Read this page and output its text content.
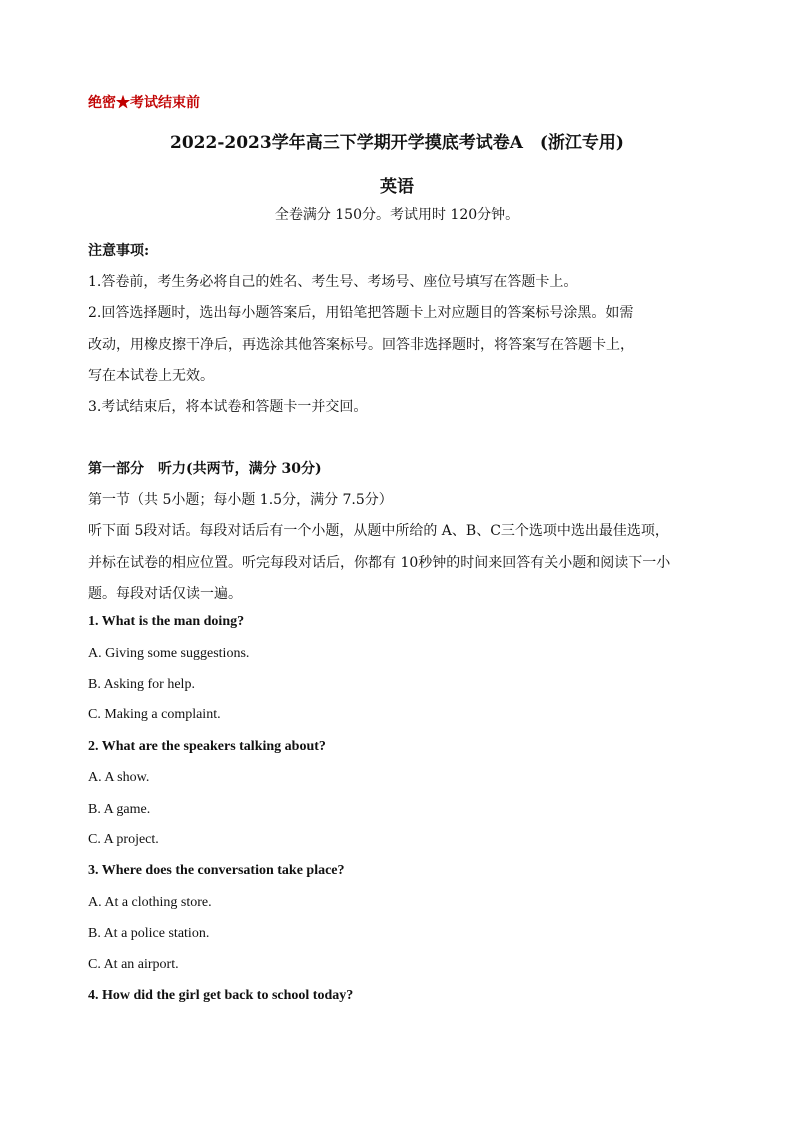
绝密★考试结束前
2022-2023学年高三下学期开学摸底考试卷A　(浙江专用)
英语
全卷满分 150分。考试用时 120分钟。
注意事项:
1.答卷前，考生务必将自己的姓名、考生号、考场号、座位号填写在答题卡上。
2.回答选择题时，选出每小题答案后，用铅笔把答题卡上对应题目的答案标号涂黑。如需
改动，用橡皮擦干净后，再选涂其他答案标号。回答非选择题时，将答案写在答题卡上，
写在本试卷上无效。
3.考试结束后，将本试卷和答题卡一并交回。
第一部分　听力(共两节，满分 30分)
第一节（共 5小题；每小题 1.5分，满分 7.5分）
听下面 5段对话。每段对话后有一个小题，从题中所给的 A、B、C三个选项中选出最佳选项，
并标在试卷的相应位置。听完每段对话后，你都有 10秒钟的时间来回答有关小题和阅读下一小
题。每段对话仅读一遍。
1. What is the man doing?
A. Giving some suggestions.
B. Asking for help.
C. Making a complaint.
2. What are the speakers talking about?
A. A show.
B. A game.
C. A project.
3. Where does the conversation take place?
A. At a clothing store.
B. At a police station.
C. At an airport.
4. How did the girl get back to school today?
